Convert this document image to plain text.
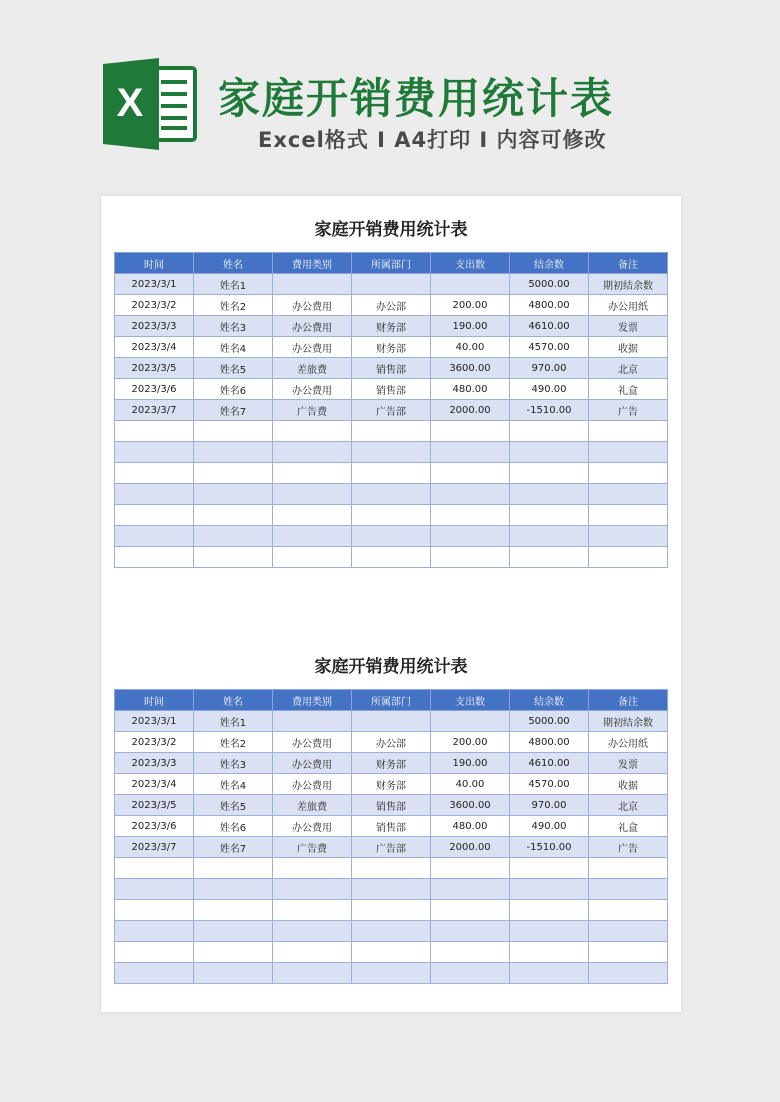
X 家庭开销费用统计表
Excel格式 I A4打印 I 内容可修改
家庭开销费用统计表
时间	姓名	费用类别	所属部门	支出数	结余数	备注
2023/3/1	姓名1				5000.00	期初结余数
2023/3/2	姓名2	办公费用	办公部	200.00	4800.00	办公用纸
2023/3/3	姓名3	办公费用	财务部	190.00	4610.00	发票
2023/3/4	姓名4	办公费用	财务部	40.00	4570.00	收据
2023/3/5	姓名5	差旅费	销售部	3600.00	970.00	北京
2023/3/6	姓名6	办公费用	销售部	480.00	490.00	礼盒
2023/3/7	姓名7	广告费	广告部	2000.00	-1510.00	广告

家庭开销费用统计表
时间	姓名	费用类别	所属部门	支出数	结余数	备注
2023/3/1	姓名1				5000.00	期初结余数
2023/3/2	姓名2	办公费用	办公部	200.00	4800.00	办公用纸
2023/3/3	姓名3	办公费用	财务部	190.00	4610.00	发票
2023/3/4	姓名4	办公费用	财务部	40.00	4570.00	收据
2023/3/5	姓名5	差旅费	销售部	3600.00	970.00	北京
2023/3/6	姓名6	办公费用	销售部	480.00	490.00	礼盒
2023/3/7	姓名7	广告费	广告部	2000.00	-1510.00	广告
